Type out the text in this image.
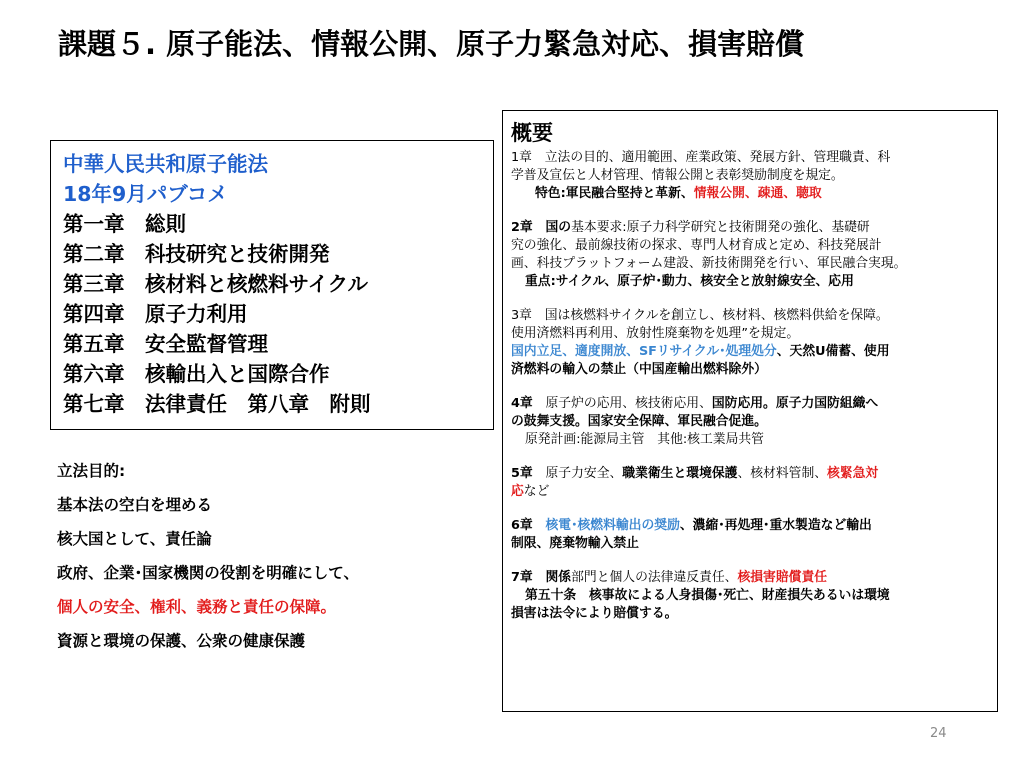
課題５. 原子能法、情報公開、原子力緊急対応、損害賠償
中華人民共和原子能法
18年9月パブコメ
第一章　総則
第二章　科技研究と技術開発
第三章　核材料と核燃料サイクル
第四章　原子力利用
第五章　安全監督管理
第六章　核輸出入と国際合作
第七章　法律責任　第八章　附則
立法目的:
基本法の空白を埋める
核大国として、責任論
政府、企業･国家機関の役割を明確にして、
個人の安全、権利、義務と責任の保障。
資源と環境の保護、公衆の健康保護
概要
1章　立法の目的、適用範囲、産業政策、発展方針、管理職責、科
学普及宣伝と人材管理、情報公開と表彰奨励制度を規定。
特色:軍民融合堅持と革新、情報公開、疎通、聴取
2章　国の基本要求:原子力科学研究と技術開発の強化、基礎研
究の強化、最前線技術の探求、専門人材育成と定め、科技発展計
画、科技プラットフォーム建設、新技術開発を行い、軍民融合実現。
重点:サイクル、原子炉･動力、核安全と放射線安全、応用
3章　国は核燃料サイクルを創立し、核材料、核燃料供給を保障。
使用済燃料再利用、放射性廃棄物を処理”を規定。
国内立足、適度開放、SFリサイクル･処理処分、天然U備蓄、使用
済燃料の輸入の禁止（中国産輸出燃料除外）
4章　原子炉の応用、核技術応用、国防応用。原子力国防組織へ
の鼓舞支援。国家安全保障、軍民融合促進。
原発計画:能源局主管　其他:核工業局共管
5章　原子力安全、職業衛生と環境保護、核材料管制、核緊急対
応など
6章　核電･核燃料輸出の奨励、濃縮･再処理･重水製造など輸出
制限、廃棄物輸入禁止
7章　関係部門と個人の法律違反責任、核損害賠償責任
第五十条　核事故による人身損傷･死亡、財産損失あるいは環境
損害は法令により賠償する。
24
